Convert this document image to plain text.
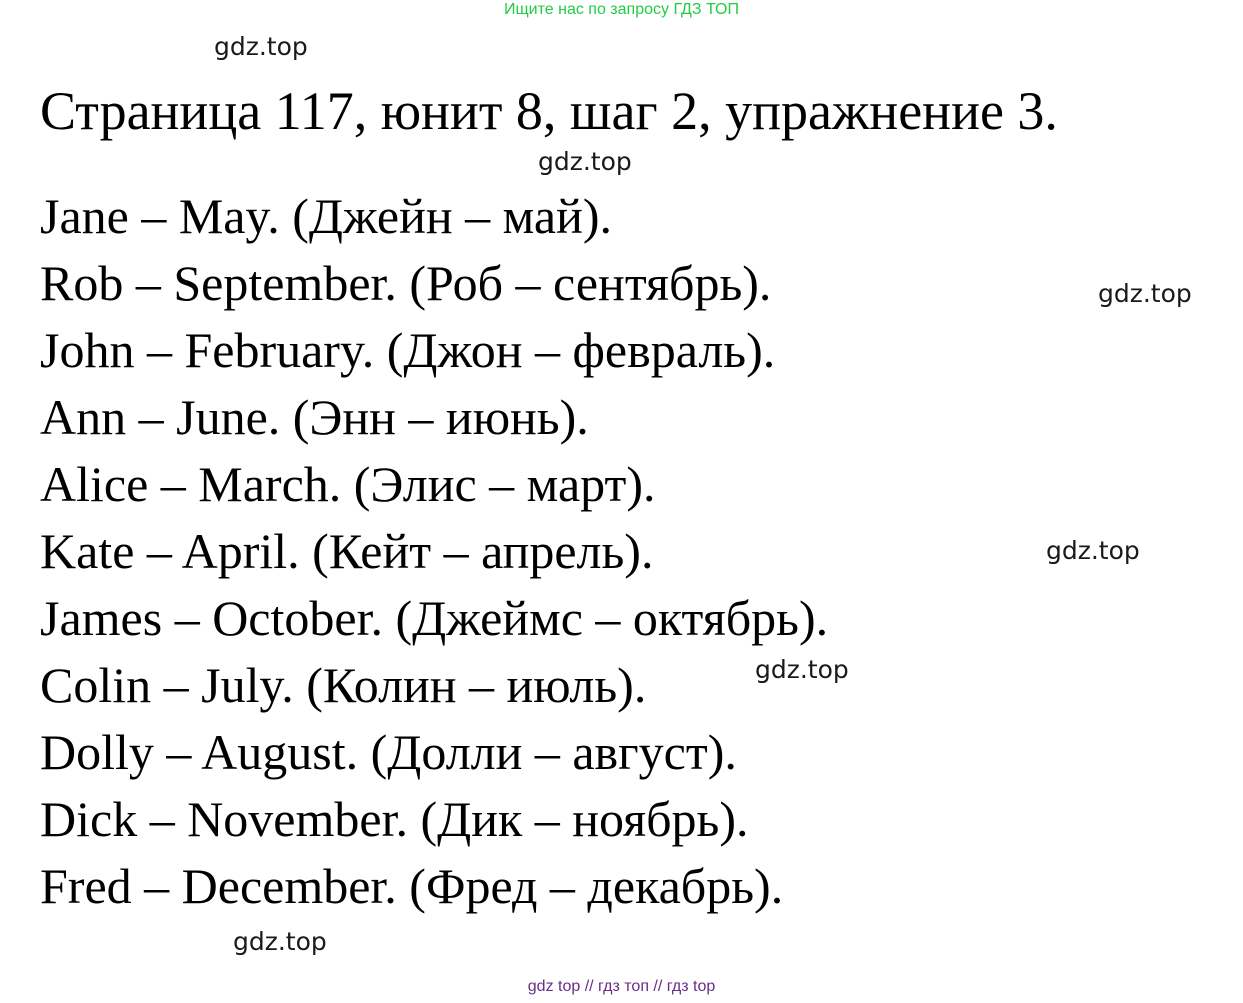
Ищите нас по запросу ГДЗ ТОП
gdz.top
gdz.top
gdz.top
gdz.top
gdz.top
gdz.top
Страница 117, юнит 8, шаг 2, упражнение 3.
Jane – May. (Джейн – май).
Rob – September. (Роб – сентябрь).
John – February. (Джон – февраль).
Ann – June. (Энн – июнь).
Alice – March. (Элис – март).
Kate – April. (Кейт – апрель).
James – October. (Джеймс – октябрь).
Colin – July. (Колин – июль).
Dolly – August. (Долли – август).
Dick – November. (Дик – ноябрь).
Fred – December. (Фред – декабрь).
gdz top // гдз топ // гдз top
